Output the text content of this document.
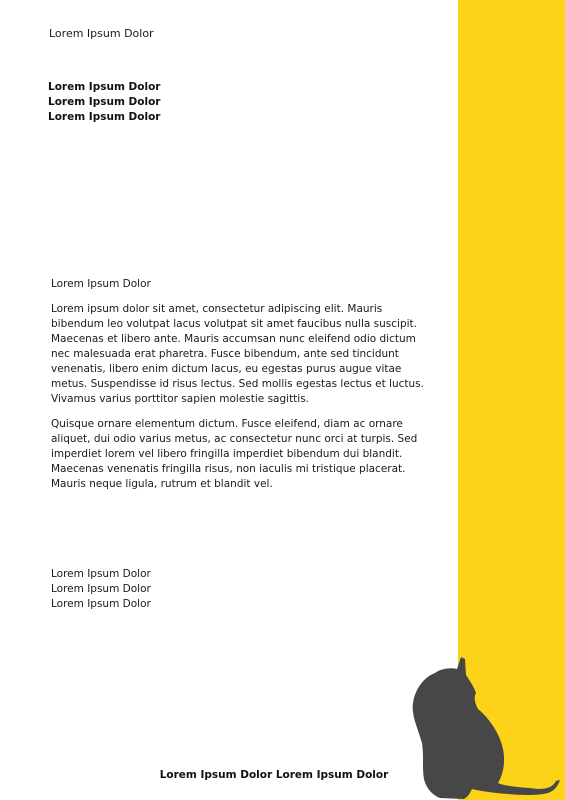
Lorem Ipsum Dolor
Lorem Ipsum Dolor
Lorem Ipsum Dolor
Lorem Ipsum Dolor

Lorem Ipsum Dolor

Lorem ipsum dolor sit amet, consectetur adipiscing elit. Mauris bibendum leo volutpat lacus volutpat sit amet faucibus nulla suscipit. Maecenas et libero ante. Mauris accumsan nunc eleifend odio dictum nec malesuada erat pharetra. Fusce bibendum, ante sed tincidunt venenatis, libero enim dictum lacus, eu egestas purus augue vitae metus. Suspendisse id risus lectus. Sed mollis egestas lectus et luctus. Vivamus varius porttitor sapien molestie sagittis.

Quisque ornare elementum dictum. Fusce eleifend, diam ac ornare aliquet, dui odio varius metus, ac consectetur nunc orci at turpis. Sed imperdiet lorem vel libero fringilla imperdiet bibendum dui blandit. Maecenas venenatis fringilla risus, non iaculis mi tristique placerat. Mauris neque ligula, rutrum et blandit vel.

Lorem Ipsum Dolor
Lorem Ipsum Dolor
Lorem Ipsum Dolor
Lorem Ipsum Dolor Lorem Ipsum Dolor
